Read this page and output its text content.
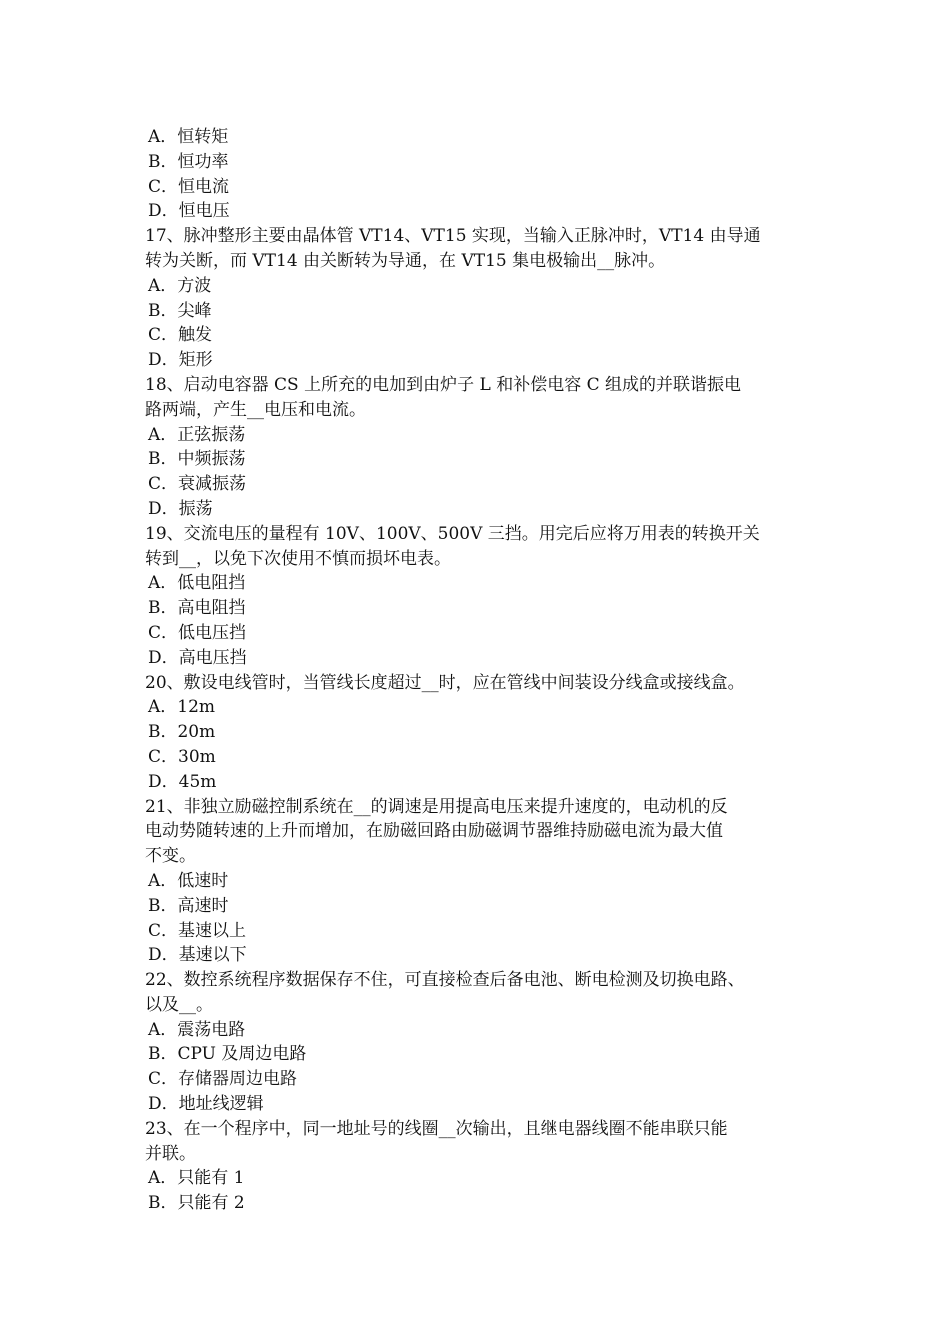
A．恒转矩

B．恒功率

C．恒电流

D．恒电压

17、脉冲整形主要由晶体管 VT14、VT15 实现，当输入正脉冲时，VT14 由导通
转为关断，而 VT14 由关断转为导通，在 VT15 集电极输出__脉冲。

A．方波

B．尖峰

C．触发

D．矩形

18、启动电容器 CS 上所充的电加到由炉子 L 和补偿电容 C 组成的并联谐振电
路两端，产生__电压和电流。

A．正弦振荡

B．中频振荡

C．衰减振荡

D．振荡

19、交流电压的量程有 10V、100V、500V 三挡。用完后应将万用表的转换开关
转到__，以免下次使用不慎而损坏电表。

A．低电阻挡

B．高电阻挡

C．低电压挡

D．高电压挡

20、敷设电线管时，当管线长度超过__时，应在管线中间装设分线盒或接线盒。

A．12m

B．20m

C．30m

D．45m

21、非独立励磁控制系统在__的调速是用提高电压来提升速度的，电动机的反
电动势随转速的上升而增加，在励磁回路由励磁调节器维持励磁电流为最大值
不变。

A．低速时

B．高速时

C．基速以上

D．基速以下

22、数控系统程序数据保存不住，可直接检查后备电池、断电检测及切换电路、
以及__。

A．震荡电路

B．CPU 及周边电路

C．存储器周边电路

D．地址线逻辑

23、在一个程序中，同一地址号的线圈__次输出，且继电器线圈不能串联只能
并联。

A．只能有 1

B．只能有 2
